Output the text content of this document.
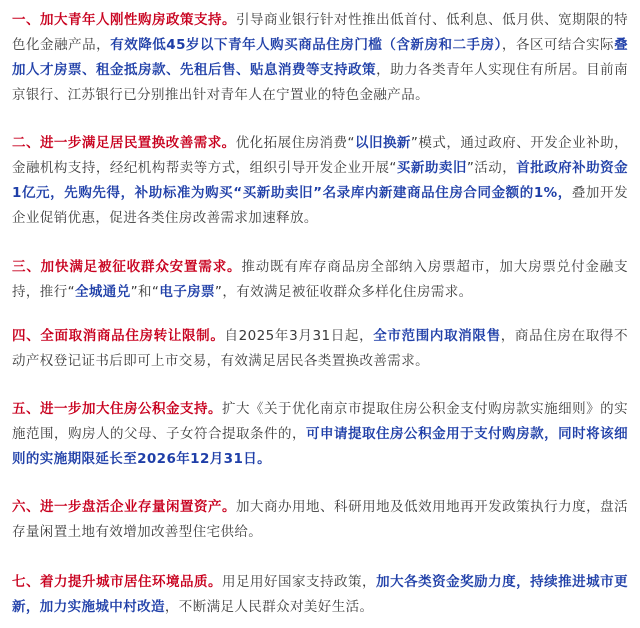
一、加大青年人刚性购房政策支持。引导商业银行针对性推出低首付、低利息、低月供、宽期限的特色化金融产品，有效降低45岁以下青年人购买商品住房门槛（含新房和二手房），各区可结合实际叠加人才房票、租金抵房款、先租后售、贴息消费等支持政策，助力各类青年人实现住有所居。目前南京银行、江苏银行已分别推出针对青年人在宁置业的特色金融产品。

二、进一步满足居民置换改善需求。优化拓展住房消费“以旧换新”模式，通过政府、开发企业补助，金融机构支持，经纪机构帮卖等方式，组织引导开发企业开展“买新助卖旧”活动，首批政府补助资金1亿元，先购先得，补助标准为购买“买新助卖旧”名录库内新建商品住房合同金额的1%，叠加开发企业促销优惠，促进各类住房改善需求加速释放。

三、加快满足被征收群众安置需求。推动既有库存商品房全部纳入房票超市，加大房票兑付金融支持，推行“全城通兑”和“电子房票”，有效满足被征收群众多样化住房需求。

四、全面取消商品住房转让限制。自2025年3月31日起，全市范围内取消限售，商品住房在取得不动产权登记证书后即可上市交易，有效满足居民各类置换改善需求。

五、进一步加大住房公积金支持。扩大《关于优化南京市提取住房公积金支付购房款实施细则》的实施范围，购房人的父母、子女符合提取条件的，可申请提取住房公积金用于支付购房款，同时将该细则的实施期限延长至2026年12月31日。

六、进一步盘活企业存量闲置资产。加大商办用地、科研用地及低效用地再开发政策执行力度，盘活存量闲置土地有效增加改善型住宅供给。

七、着力提升城市居住环境品质。用足用好国家支持政策，加大各类资金奖励力度，持续推进城市更新，加力实施城中村改造，不断满足人民群众对美好生活。
